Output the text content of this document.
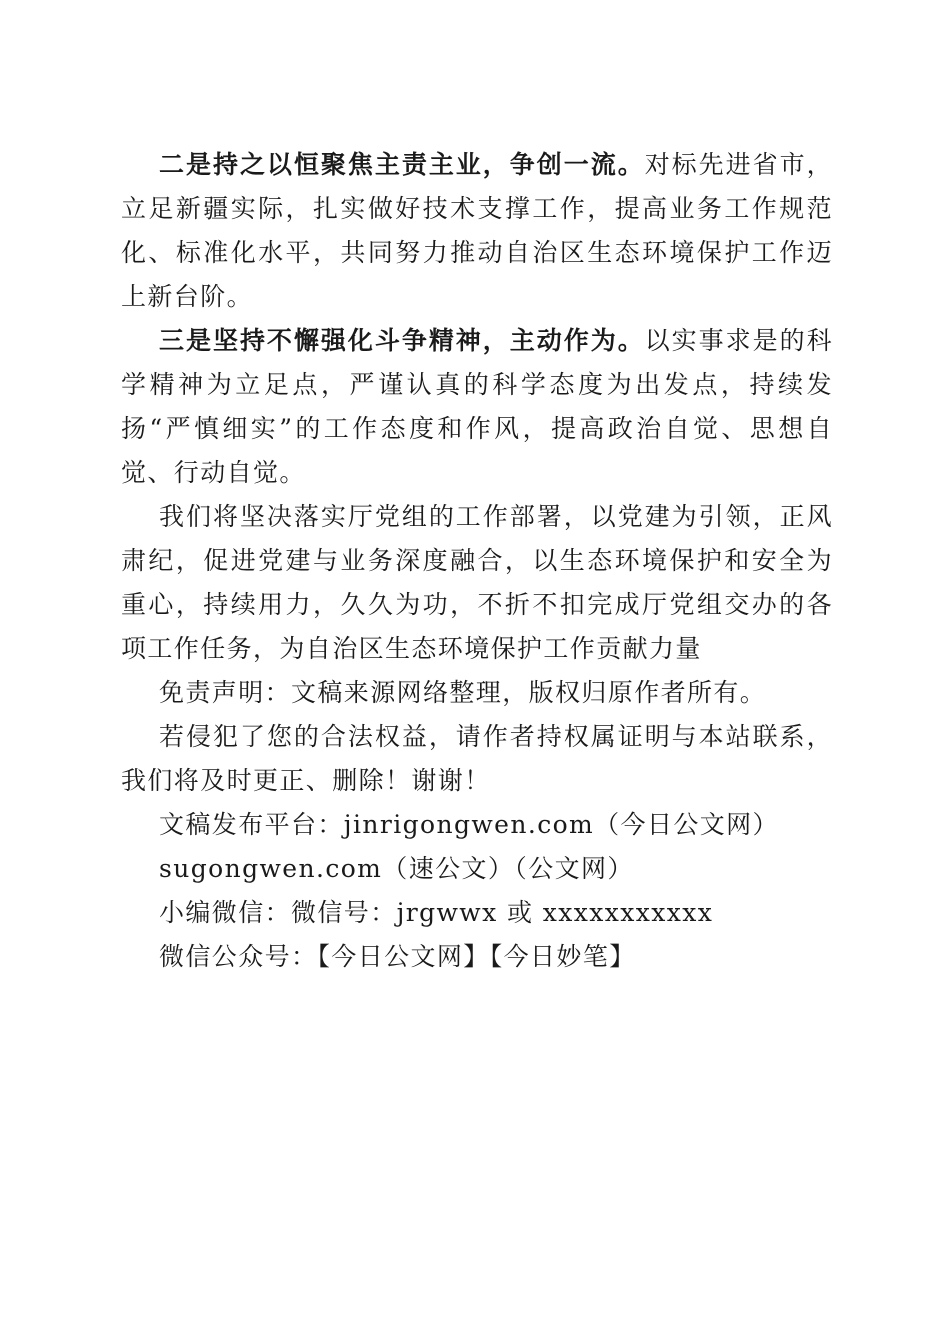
二是持之以恒聚焦主责主业，争创一流。对标先进省市，立足新疆实际，扎实做好技术支撑工作，提高业务工作规范化、标准化水平，共同努力推动自治区生态环境保护工作迈上新台阶。

三是坚持不懈强化斗争精神，主动作为。以实事求是的科学精神为立足点，严谨认真的科学态度为出发点，持续发扬“严慎细实”的工作态度和作风，提高政治自觉、思想自觉、行动自觉。

我们将坚决落实厅党组的工作部署，以党建为引领，正风肃纪，促进党建与业务深度融合，以生态环境保护和安全为重心，持续用力，久久为功，不折不扣完成厅党组交办的各项工作任务，为自治区生态环境保护工作贡献力量

免责声明：文稿来源网络整理，版权归原作者所有。

若侵犯了您的合法权益，请作者持权属证明与本站联系，我们将及时更正、删除！谢谢！

文稿发布平台：jinrigongwen.com（今日公文网）

sugongwen.com（速公文）（公文网）

小编微信：微信号：jrgwwx 或 xxxxxxxxxxx

微信公众号：【今日公文网】【今日妙笔】
